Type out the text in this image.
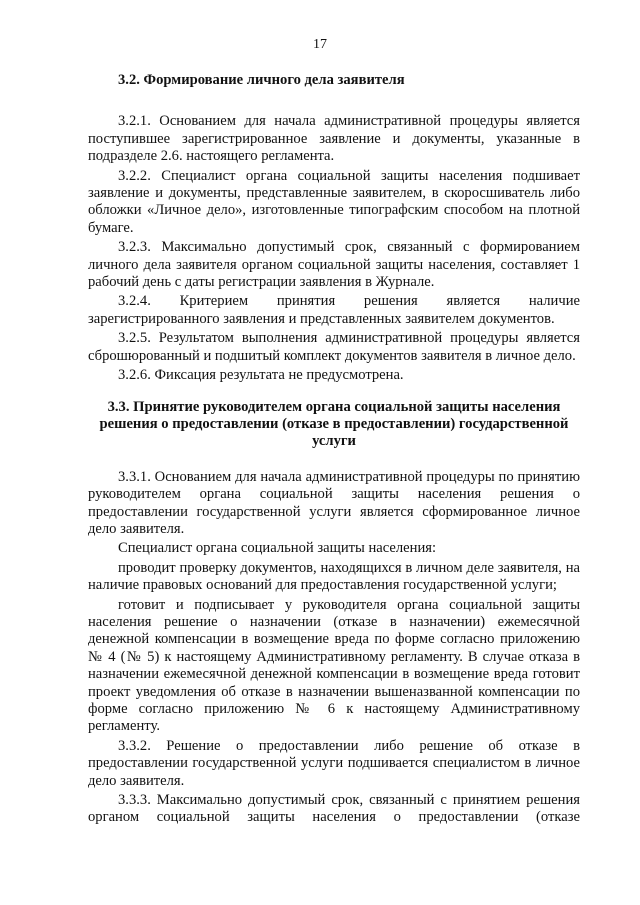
17
3.2. Формирование личного дела заявителя

3.2.1. Основанием для начала административной процедуры является поступившее зарегистрированное заявление и документы, указанные в подразделе 2.6. настоящего регламента.

3.2.2. Специалист органа социальной защиты населения подшивает заявление и документы, представленные заявителем, в скоросшиватель либо обложки «Личное дело», изготовленные типографским способом на плотной бумаге.

3.2.3. Максимально допустимый срок, связанный с формированием личного дела заявителя органом социальной защиты населения, составляет 1 рабочий день с даты регистрации заявления в Журнале.

3.2.4. Критерием принятия решения является наличие зарегистрированного заявления и представленных заявителем документов.

3.2.5. Результатом выполнения административной процедуры является сброшюрованный и подшитый комплект документов заявителя в личное дело.

3.2.6. Фиксация результата не предусмотрена.

3.3. Принятие руководителем органа социальной защиты населения решения о предоставлении (отказе в предоставлении) государственной услуги

3.3.1. Основанием для начала административной процедуры по принятию руководителем органа социальной защиты населения решения о предоставлении государственной услуги является сформированное личное дело заявителя.

Специалист органа социальной защиты населения:

проводит проверку документов, находящихся в личном деле заявителя, на наличие правовых оснований для предоставления государственной услуги;

готовит и подписывает у руководителя органа социальной защиты населения решение о назначении (отказе в назначении) ежемесячной денежной компенсации в возмещение вреда по форме согласно приложению № 4 (№ 5) к настоящему Административному регламенту. В случае отказа в назначении ежемесячной денежной компенсации в возмещение вреда готовит проект уведомления об отказе в назначении вышеназванной компенсации по форме согласно приложению № 6 к настоящему Административному регламенту.

3.3.2. Решение о предоставлении либо решение об отказе в предоставлении государственной услуги подшивается специалистом в личное дело заявителя.

3.3.3. Максимально допустимый срок, связанный с принятием решения органом социальной защиты населения о предоставлении (отказе
